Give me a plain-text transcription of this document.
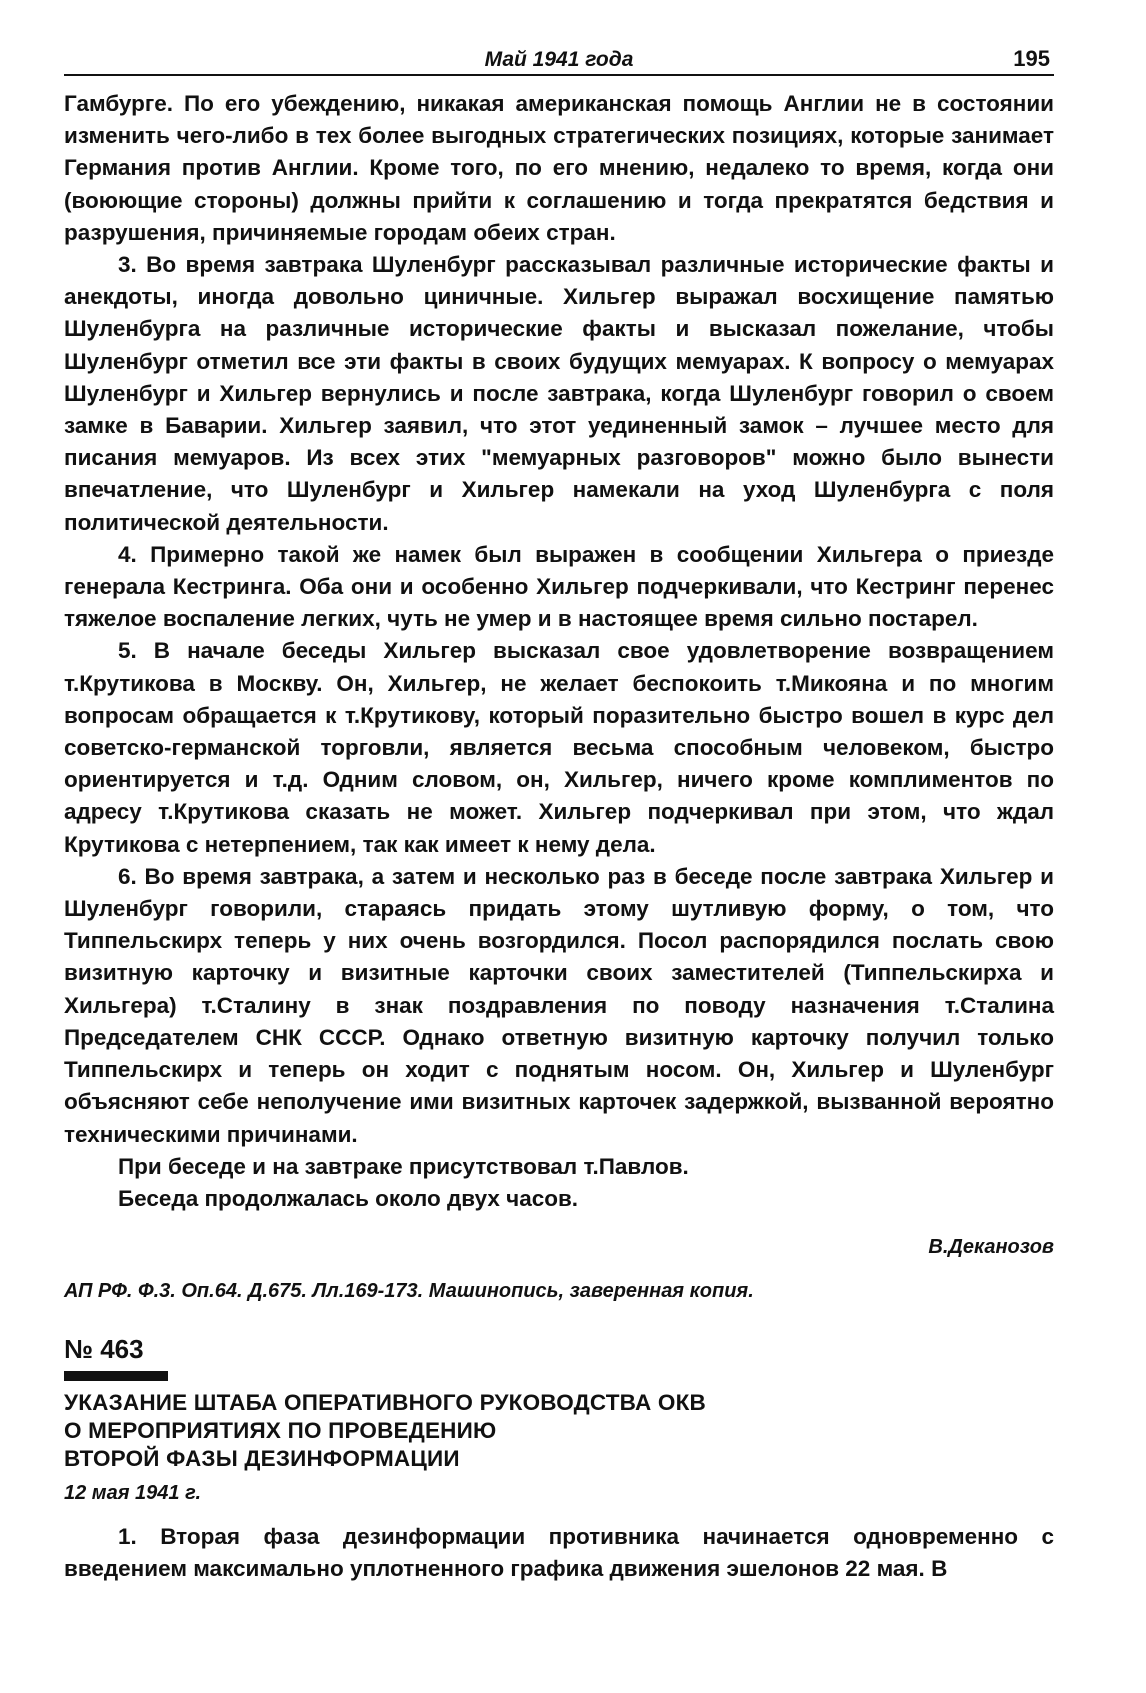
Май 1941 года	195

Гамбурге. По его убеждению, никакая американская помощь Англии не в состоянии изменить чего-либо в тех более выгодных стратегических позициях, которые занимает Германия против Англии. Кроме того, по его мнению, недалеко то время, когда они (воюющие стороны) должны прийти к соглашению и тогда прекратятся бедствия и разрушения, причиняемые городам обеих стран.

3. Во время завтрака Шуленбург рассказывал различные исторические факты и анекдоты, иногда довольно циничные. Хильгер выражал восхищение памятью Шуленбурга на различные исторические факты и высказал пожелание, чтобы Шуленбург отметил все эти факты в своих будущих мемуарах. К вопросу о мемуарах Шуленбург и Хильгер вернулись и после завтрака, когда Шуленбург говорил о своем замке в Баварии. Хильгер заявил, что этот уединенный замок – лучшее место для писания мемуаров. Из всех этих "мемуарных разговоров" можно было вынести впечатление, что Шуленбург и Хильгер намекали на уход Шуленбурга с поля политической деятельности.

4. Примерно такой же намек был выражен в сообщении Хильгера о приезде генерала Кестринга. Оба они и особенно Хильгер подчеркивали, что Кестринг перенес тяжелое воспаление легких, чуть не умер и в настоящее время сильно постарел.

5. В начале беседы Хильгер высказал свое удовлетворение возвращением т.Крутикова в Москву. Он, Хильгер, не желает беспокоить т.Микояна и по многим вопросам обращается к т.Крутикову, который поразительно быстро вошел в курс дел советско-германской торговли, является весьма способным человеком, быстро ориентируется и т.д. Одним словом, он, Хильгер, ничего кроме комплиментов по адресу т.Крутикова сказать не может. Хильгер подчеркивал при этом, что ждал Крутикова с нетерпением, так как имеет к нему дела.

6. Во время завтрака, а затем и несколько раз в беседе после завтрака Хильгер и Шуленбург говорили, стараясь придать этому шутливую форму, о том, что Типпельскирх теперь у них очень возгордился. Посол распорядился послать свою визитную карточку и визитные карточки своих заместителей (Типпельскирха и Хильгера) т.Сталину в знак поздравления по поводу назначения т.Сталина Председателем СНК СССР. Однако ответную визитную карточку получил только Типпельскирх и теперь он ходит с поднятым носом. Он, Хильгер и Шуленбург объясняют себе неполучение ими визитных карточек задержкой, вызванной вероятно техническими причинами.

При беседе и на завтраке присутствовал т.Павлов.

Беседа продолжалась около двух часов.

В.Деканозов
АП РФ. Ф.3. Оп.64. Д.675. Лл.169-173. Машинопись, заверенная копия.
№ 463
УКАЗАНИЕ ШТАБА ОПЕРАТИВНОГО РУКОВОДСТВА ОКВ
О МЕРОПРИЯТИЯХ ПО ПРОВЕДЕНИЮ
ВТОРОЙ ФАЗЫ ДЕЗИНФОРМАЦИИ
12 мая 1941 г.

1. Вторая фаза дезинформации противника начинается одновременно с введением максимально уплотненного графика движения эшелонов 22 мая. В
